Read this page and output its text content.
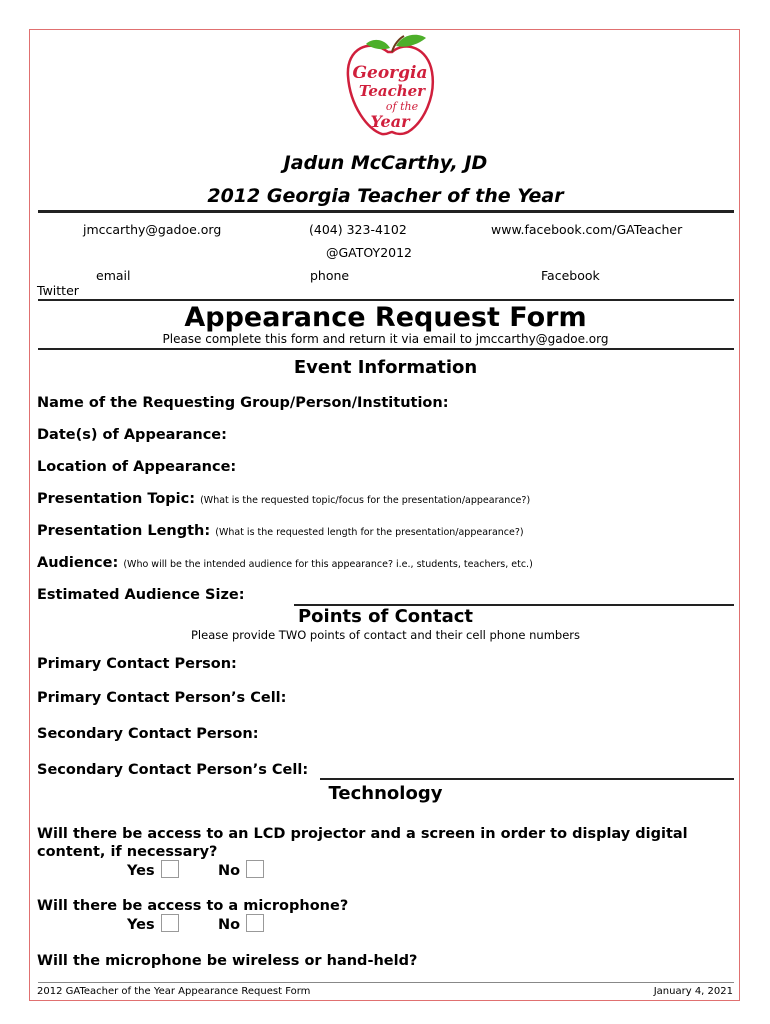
Georgia
Teacher
of the
Year
Jadun McCarthy, JD
2012 Georgia Teacher of the Year
jmccarthy@gadoe.org	(404) 323-4102	www.facebook.com/GATeacher
@GATOY2012
email	phone	Facebook
Twitter
Appearance Request Form
Please complete this form and return it via email to jmccarthy@gadoe.org
Event Information
Name of the Requesting Group/Person/Institution:
Date(s) of Appearance:
Location of Appearance:
Presentation Topic: (What is the requested topic/focus for the presentation/appearance?)
Presentation Length: (What is the requested length for the presentation/appearance?)
Audience: (Who will be the intended audience for this appearance? i.e., students, teachers, etc.)
Estimated Audience Size:
Points of Contact
Please provide TWO points of contact and their cell phone numbers
Primary Contact Person:
Primary Contact Person’s Cell:
Secondary Contact Person:
Secondary Contact Person’s Cell:
Technology
Will there be access to an LCD projector and a screen in order to display digital content, if necessary?
Yes	No
Will there be access to a microphone?
Yes	No
Will the microphone be wireless or hand-held?
2012 GATeacher of the Year Appearance Request Form	January 4, 2021
